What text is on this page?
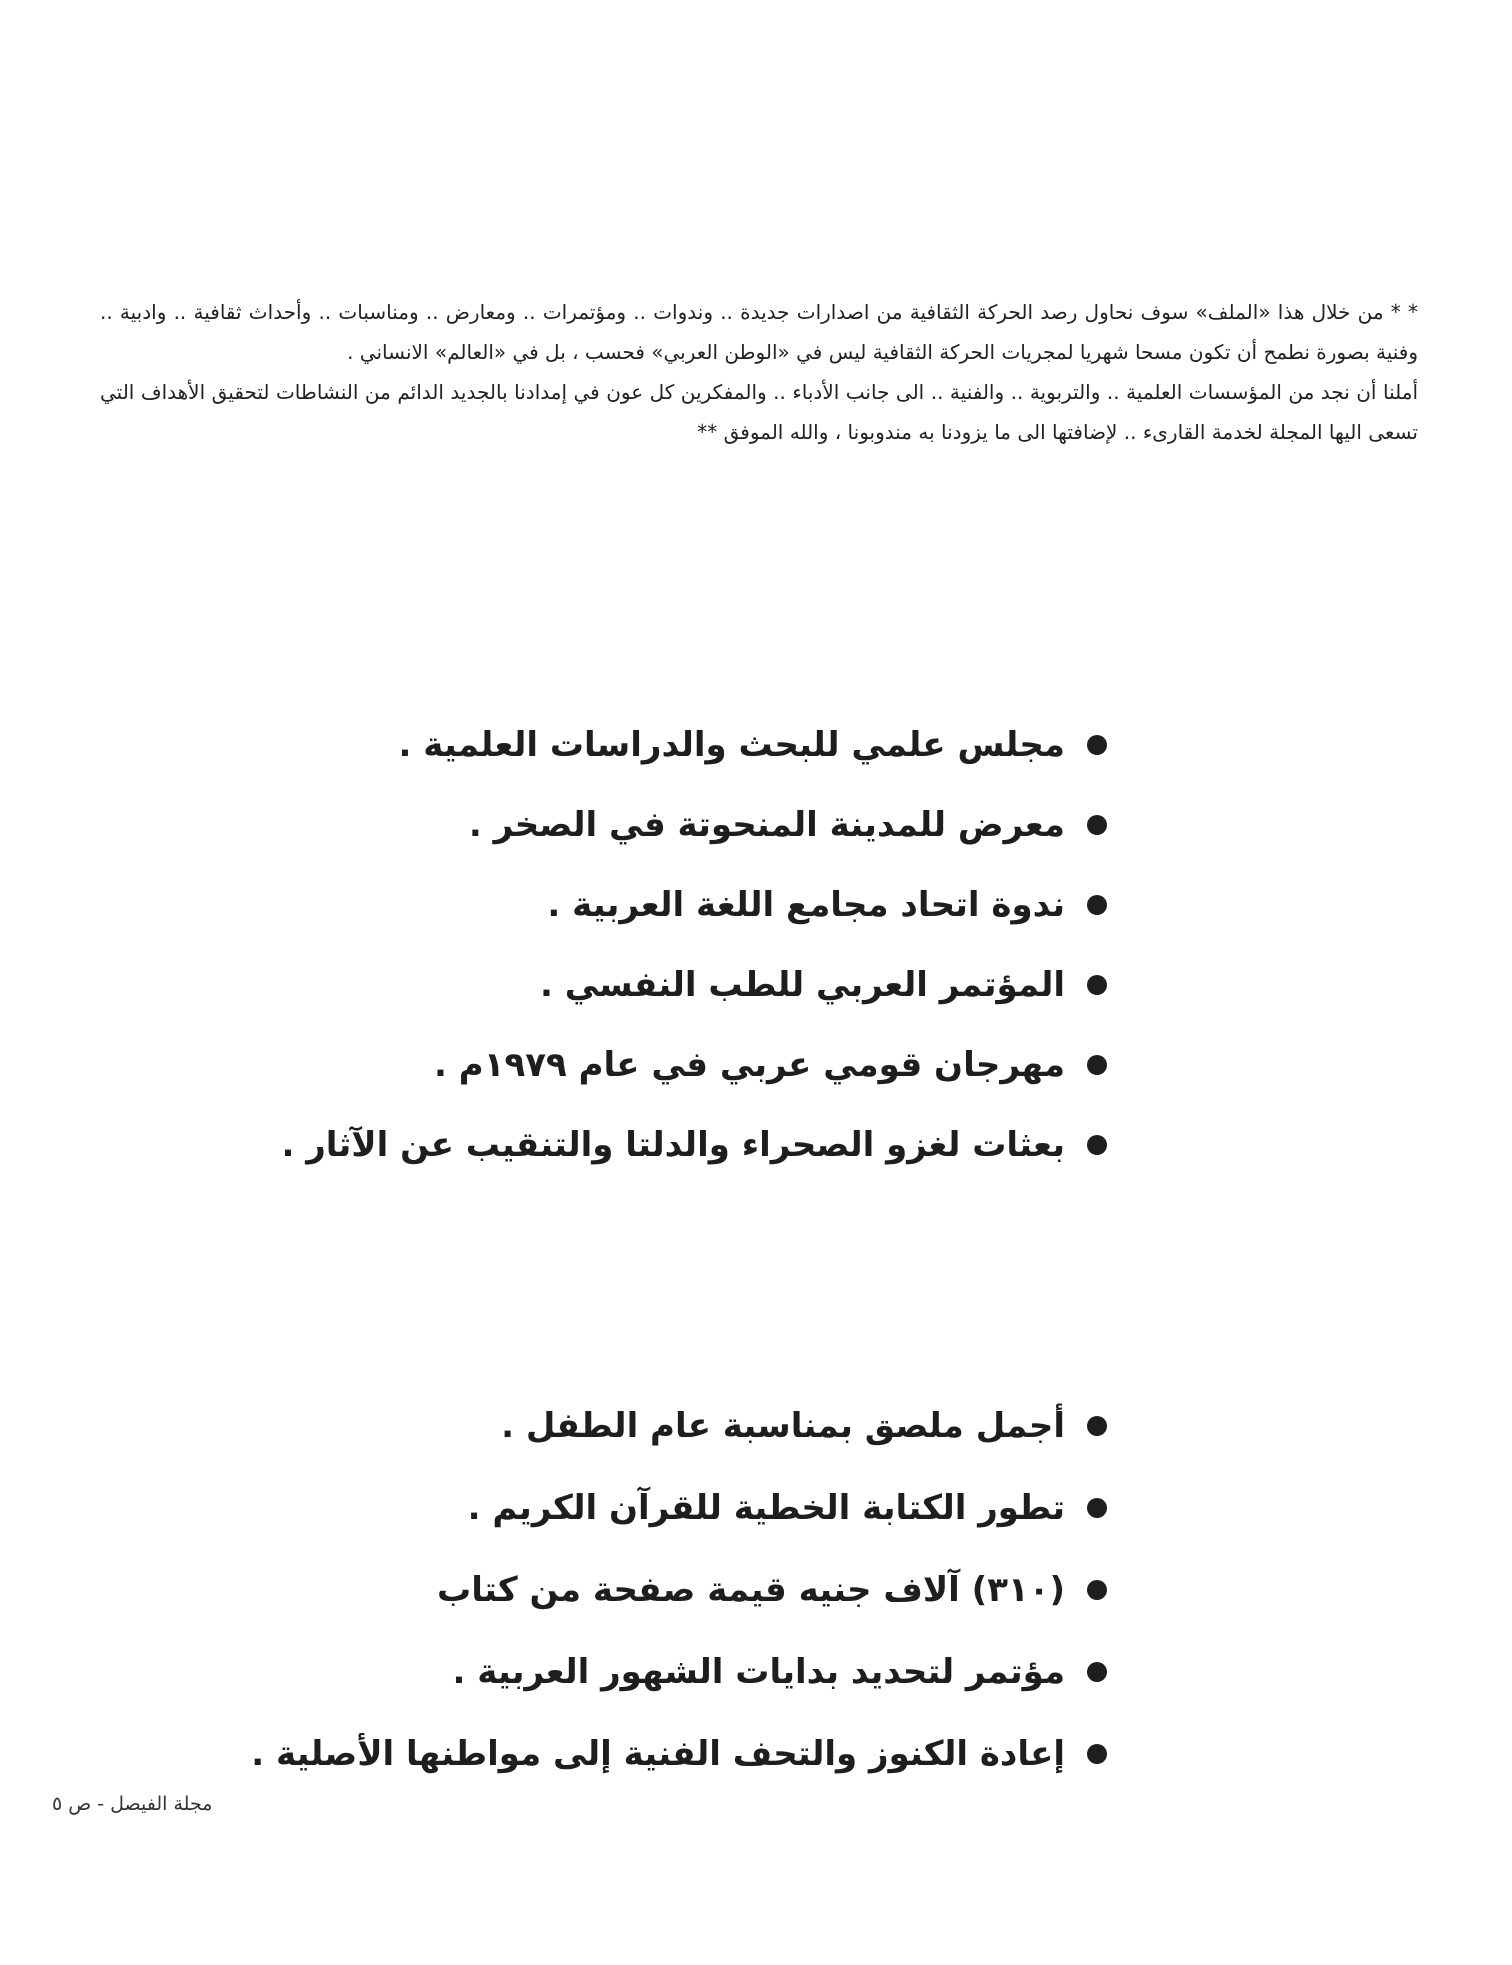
* * من خلال هذا «الملف» سوف نحاول رصد الحركة الثقافية من اصدارات جديدة .. وندوات .. ومؤتمرات .. ومعارض .. ومناسبات .. وأحداث ثقافية .. وادبية .. وفنية بصورة نطمح أن تكون مسحا شهريا لمجريات الحركة الثقافية ليس في «الوطن العربي» فحسب ، بل في «العالم» الانساني .

أملنا أن نجد من المؤسسات العلمية .. والتربوية .. والفنية .. الى جانب الأدباء .. والمفكرين كل عون في إمدادنا بالجديد الدائم من النشاطات لتحقيق الأهداف التي تسعى اليها المجلة لخدمة القارىء .. لإضافتها الى ما يزودنا به مندوبونا ، والله الموفق **

مجلس علمي للبحث والدراسات العلمية .
معرض للمدينة المنحوتة في الصخر .
ندوة اتحاد مجامع اللغة العربية .
المؤتمر العربي للطب النفسي .
مهرجان قومي عربي في عام ١٩٧٩م .
بعثات لغزو الصحراء والدلتا والتنقيب عن الآثار .
أجمل ملصق بمناسبة عام الطفل .
تطور الكتابة الخطية للقرآن الكريم .
(٣١٠) آلاف جنيه قيمة صفحة من كتاب
مؤتمر لتحديد بدايات الشهور العربية .
إعادة الكنوز والتحف الفنية إلى مواطنها الأصلية .
مجلة الفيصل - ص ٥
